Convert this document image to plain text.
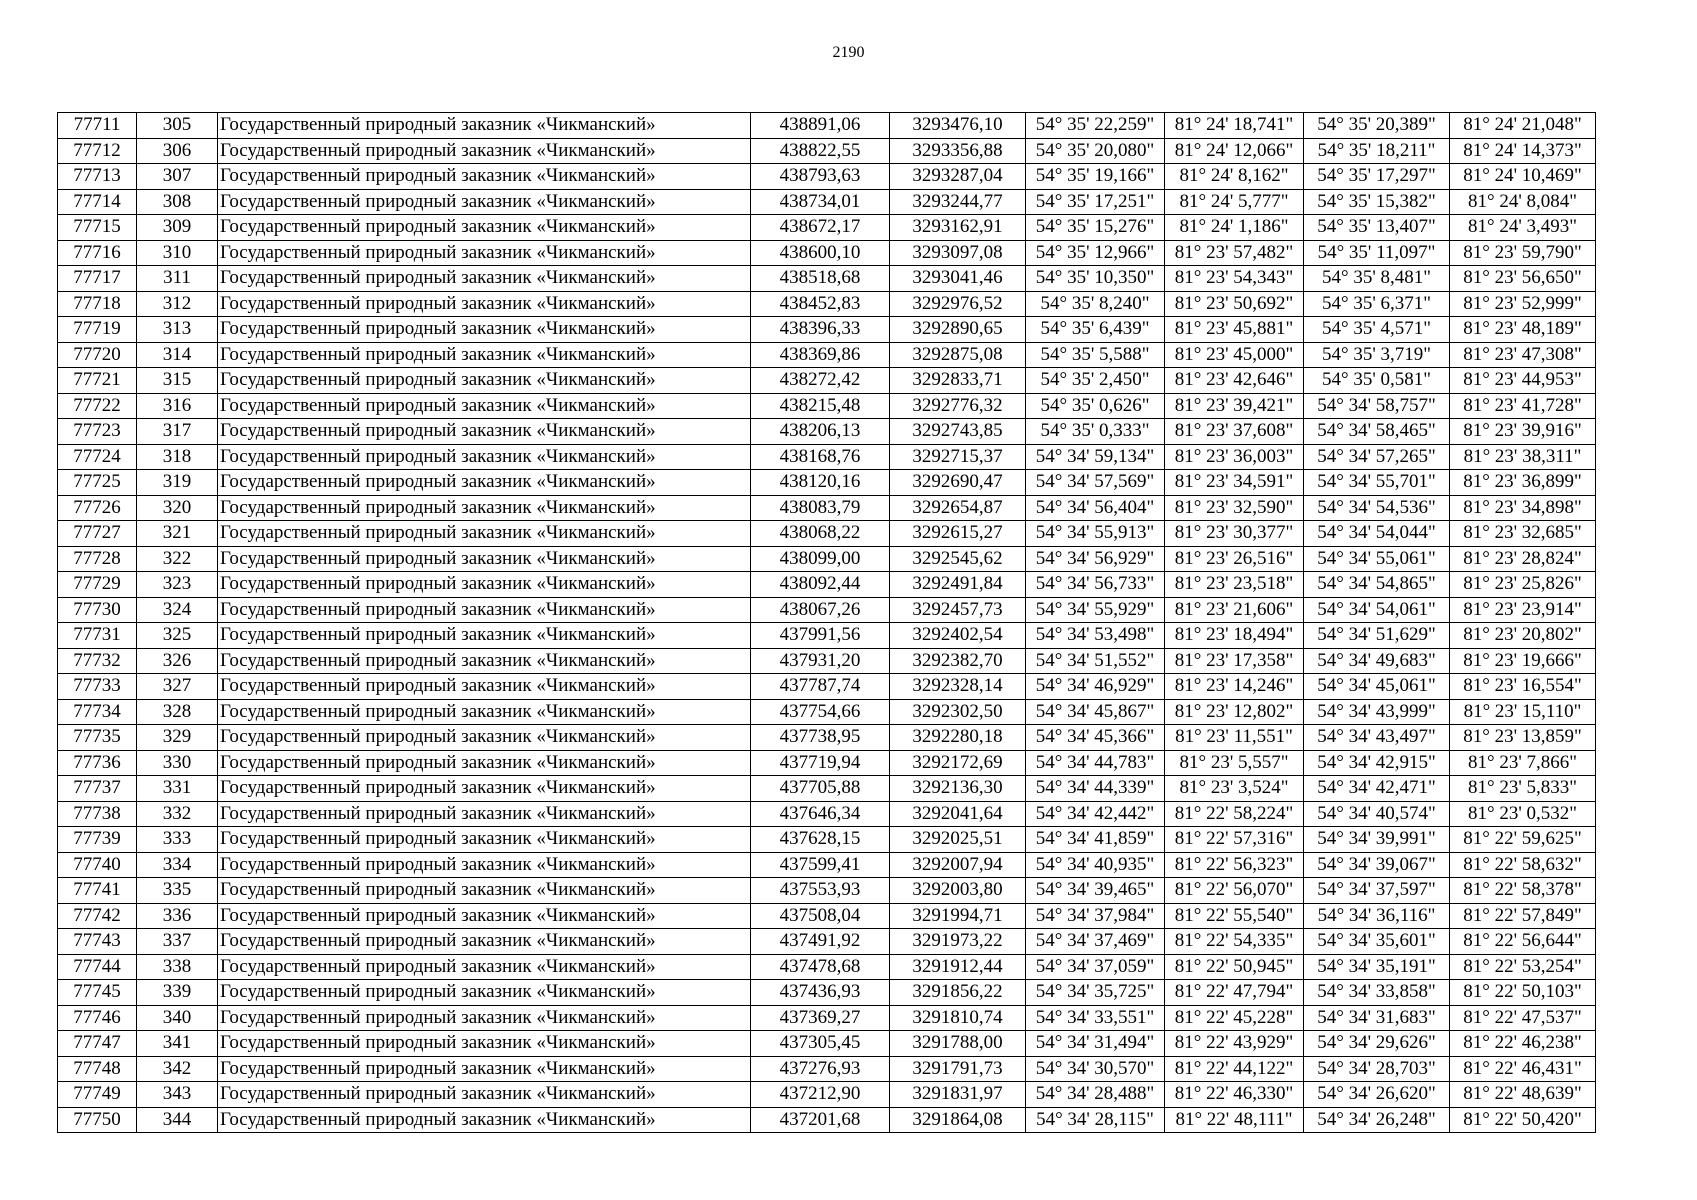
2190
77711	305	Государственный природный заказник «Чикманский»	438891,06	3293476,10	54° 35' 22,259"	81° 24' 18,741"	54° 35' 20,389"	81° 24' 21,048"
77712	306	Государственный природный заказник «Чикманский»	438822,55	3293356,88	54° 35' 20,080"	81° 24' 12,066"	54° 35' 18,211"	81° 24' 14,373"
77713	307	Государственный природный заказник «Чикманский»	438793,63	3293287,04	54° 35' 19,166"	81° 24' 8,162"	54° 35' 17,297"	81° 24' 10,469"
77714	308	Государственный природный заказник «Чикманский»	438734,01	3293244,77	54° 35' 17,251"	81° 24' 5,777"	54° 35' 15,382"	81° 24' 8,084"
77715	309	Государственный природный заказник «Чикманский»	438672,17	3293162,91	54° 35' 15,276"	81° 24' 1,186"	54° 35' 13,407"	81° 24' 3,493"
77716	310	Государственный природный заказник «Чикманский»	438600,10	3293097,08	54° 35' 12,966"	81° 23' 57,482"	54° 35' 11,097"	81° 23' 59,790"
77717	311	Государственный природный заказник «Чикманский»	438518,68	3293041,46	54° 35' 10,350"	81° 23' 54,343"	54° 35' 8,481"	81° 23' 56,650"
77718	312	Государственный природный заказник «Чикманский»	438452,83	3292976,52	54° 35' 8,240"	81° 23' 50,692"	54° 35' 6,371"	81° 23' 52,999"
77719	313	Государственный природный заказник «Чикманский»	438396,33	3292890,65	54° 35' 6,439"	81° 23' 45,881"	54° 35' 4,571"	81° 23' 48,189"
77720	314	Государственный природный заказник «Чикманский»	438369,86	3292875,08	54° 35' 5,588"	81° 23' 45,000"	54° 35' 3,719"	81° 23' 47,308"
77721	315	Государственный природный заказник «Чикманский»	438272,42	3292833,71	54° 35' 2,450"	81° 23' 42,646"	54° 35' 0,581"	81° 23' 44,953"
77722	316	Государственный природный заказник «Чикманский»	438215,48	3292776,32	54° 35' 0,626"	81° 23' 39,421"	54° 34' 58,757"	81° 23' 41,728"
77723	317	Государственный природный заказник «Чикманский»	438206,13	3292743,85	54° 35' 0,333"	81° 23' 37,608"	54° 34' 58,465"	81° 23' 39,916"
77724	318	Государственный природный заказник «Чикманский»	438168,76	3292715,37	54° 34' 59,134"	81° 23' 36,003"	54° 34' 57,265"	81° 23' 38,311"
77725	319	Государственный природный заказник «Чикманский»	438120,16	3292690,47	54° 34' 57,569"	81° 23' 34,591"	54° 34' 55,701"	81° 23' 36,899"
77726	320	Государственный природный заказник «Чикманский»	438083,79	3292654,87	54° 34' 56,404"	81° 23' 32,590"	54° 34' 54,536"	81° 23' 34,898"
77727	321	Государственный природный заказник «Чикманский»	438068,22	3292615,27	54° 34' 55,913"	81° 23' 30,377"	54° 34' 54,044"	81° 23' 32,685"
77728	322	Государственный природный заказник «Чикманский»	438099,00	3292545,62	54° 34' 56,929"	81° 23' 26,516"	54° 34' 55,061"	81° 23' 28,824"
77729	323	Государственный природный заказник «Чикманский»	438092,44	3292491,84	54° 34' 56,733"	81° 23' 23,518"	54° 34' 54,865"	81° 23' 25,826"
77730	324	Государственный природный заказник «Чикманский»	438067,26	3292457,73	54° 34' 55,929"	81° 23' 21,606"	54° 34' 54,061"	81° 23' 23,914"
77731	325	Государственный природный заказник «Чикманский»	437991,56	3292402,54	54° 34' 53,498"	81° 23' 18,494"	54° 34' 51,629"	81° 23' 20,802"
77732	326	Государственный природный заказник «Чикманский»	437931,20	3292382,70	54° 34' 51,552"	81° 23' 17,358"	54° 34' 49,683"	81° 23' 19,666"
77733	327	Государственный природный заказник «Чикманский»	437787,74	3292328,14	54° 34' 46,929"	81° 23' 14,246"	54° 34' 45,061"	81° 23' 16,554"
77734	328	Государственный природный заказник «Чикманский»	437754,66	3292302,50	54° 34' 45,867"	81° 23' 12,802"	54° 34' 43,999"	81° 23' 15,110"
77735	329	Государственный природный заказник «Чикманский»	437738,95	3292280,18	54° 34' 45,366"	81° 23' 11,551"	54° 34' 43,497"	81° 23' 13,859"
77736	330	Государственный природный заказник «Чикманский»	437719,94	3292172,69	54° 34' 44,783"	81° 23' 5,557"	54° 34' 42,915"	81° 23' 7,866"
77737	331	Государственный природный заказник «Чикманский»	437705,88	3292136,30	54° 34' 44,339"	81° 23' 3,524"	54° 34' 42,471"	81° 23' 5,833"
77738	332	Государственный природный заказник «Чикманский»	437646,34	3292041,64	54° 34' 42,442"	81° 22' 58,224"	54° 34' 40,574"	81° 23' 0,532"
77739	333	Государственный природный заказник «Чикманский»	437628,15	3292025,51	54° 34' 41,859"	81° 22' 57,316"	54° 34' 39,991"	81° 22' 59,625"
77740	334	Государственный природный заказник «Чикманский»	437599,41	3292007,94	54° 34' 40,935"	81° 22' 56,323"	54° 34' 39,067"	81° 22' 58,632"
77741	335	Государственный природный заказник «Чикманский»	437553,93	3292003,80	54° 34' 39,465"	81° 22' 56,070"	54° 34' 37,597"	81° 22' 58,378"
77742	336	Государственный природный заказник «Чикманский»	437508,04	3291994,71	54° 34' 37,984"	81° 22' 55,540"	54° 34' 36,116"	81° 22' 57,849"
77743	337	Государственный природный заказник «Чикманский»	437491,92	3291973,22	54° 34' 37,469"	81° 22' 54,335"	54° 34' 35,601"	81° 22' 56,644"
77744	338	Государственный природный заказник «Чикманский»	437478,68	3291912,44	54° 34' 37,059"	81° 22' 50,945"	54° 34' 35,191"	81° 22' 53,254"
77745	339	Государственный природный заказник «Чикманский»	437436,93	3291856,22	54° 34' 35,725"	81° 22' 47,794"	54° 34' 33,858"	81° 22' 50,103"
77746	340	Государственный природный заказник «Чикманский»	437369,27	3291810,74	54° 34' 33,551"	81° 22' 45,228"	54° 34' 31,683"	81° 22' 47,537"
77747	341	Государственный природный заказник «Чикманский»	437305,45	3291788,00	54° 34' 31,494"	81° 22' 43,929"	54° 34' 29,626"	81° 22' 46,238"
77748	342	Государственный природный заказник «Чикманский»	437276,93	3291791,73	54° 34' 30,570"	81° 22' 44,122"	54° 34' 28,703"	81° 22' 46,431"
77749	343	Государственный природный заказник «Чикманский»	437212,90	3291831,97	54° 34' 28,488"	81° 22' 46,330"	54° 34' 26,620"	81° 22' 48,639"
77750	344	Государственный природный заказник «Чикманский»	437201,68	3291864,08	54° 34' 28,115"	81° 22' 48,111"	54° 34' 26,248"	81° 22' 50,420"
